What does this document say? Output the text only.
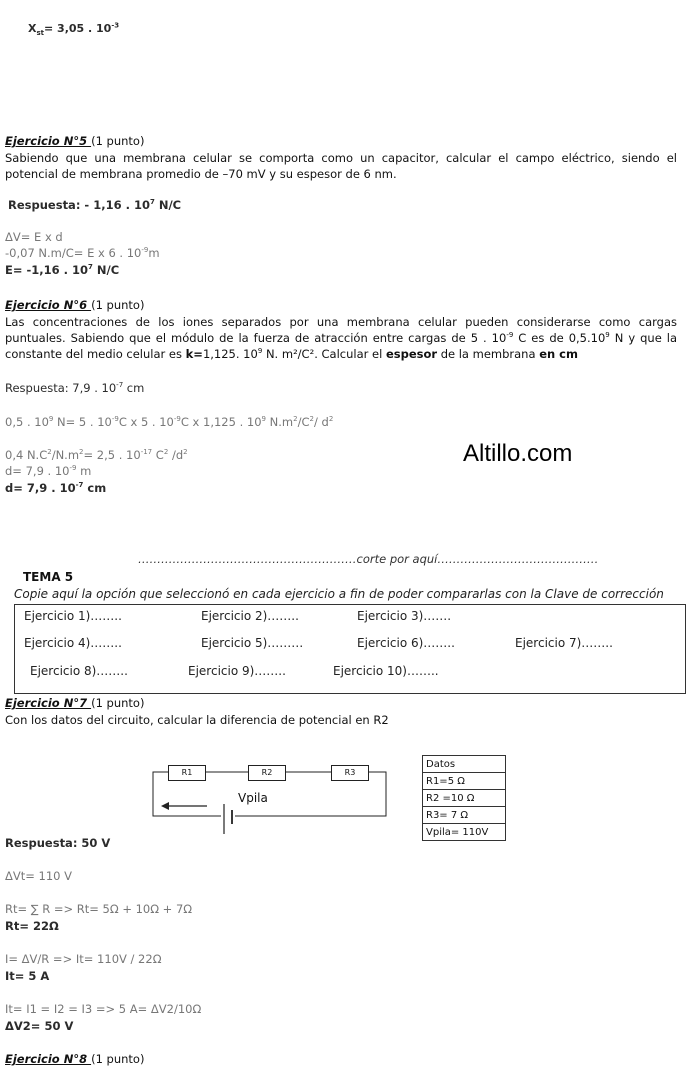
$X_{st}= 3,05$ . $10^{-3}$
Ejercicio N°5 (1 punto)
Sabiendo que una membrana celular se comporta como un capacitor, calcular el campo eléctrico, siendo el potencial de membrana promedio de –70 mV y su espesor de 6 nm.
Respuesta: - 1,16 . $10^7$ N/C
ΔV= E x d
-0,07 N.m/C= E x 6 . $10^{-9}m$
E= -1,16 . $10^7$ N/C
Ejercicio N°6 (1 punto)
Las concentraciones de los iones separados por una membrana celular pueden considerarse como cargas puntuales. Sabiendo que el módulo de la fuerza de atracción entre cargas de 5 . $10^{-9}$ C es de 0,5.10$^9$ N y que la constante del medio celular es k=1,125. $10^9$ N. m²/C². Calcular el espesor de la membrana en cm
Respuesta: 7,9 . $10^{-7}$ cm
0,5 . $10^9$ N= 5 . $10^{-9}C$ x 5 . $10^{-9}C$ x 1,125 . $10^9$ $N.m^2/C^2/$ $d^2$
0,4 $N.C^2/N.m^2= 2,5$ . $10^{-17}$ $C^2$ $/d^2$
d= 7,9 . $10^{-9}$ m
d= 7,9 . $10^{-7}$ cm
Altillo.com
…………………………………………………corte por aquí……………………………………
TEMA 5
Copie aquí la opción que seleccionó en cada ejercicio a fin de poder compararlas con la Clave de corrección
Ejercicio 1)……..	Ejercicio 2)……..	Ejercicio 3)…….
Ejercicio 4)……..	Ejercicio 5)………	Ejercicio 6)……..	Ejercicio 7)……..
Ejercicio 8)……..	Ejercicio 9)……..	Ejercicio 10)……..
Ejercicio N°7 (1 punto)
Con los datos del circuito, calcular la diferencia de potencial en R2
R1	R2	R3
Vpila
Datos
R1=5 Ω
R2 =10 Ω
R3= 7 Ω
Vpila= 110V
Respuesta: 50 V
ΔVt= 110 V
Rt= ∑ R => Rt= 5Ω + 10Ω + 7Ω
Rt= 22Ω
I= ΔV/R => It= 110V / 22Ω
It= 5 A
It= I1 = I2 = I3 => 5 A= ΔV2/10Ω
ΔV2= 50 V
Ejercicio N°8 (1 punto)
